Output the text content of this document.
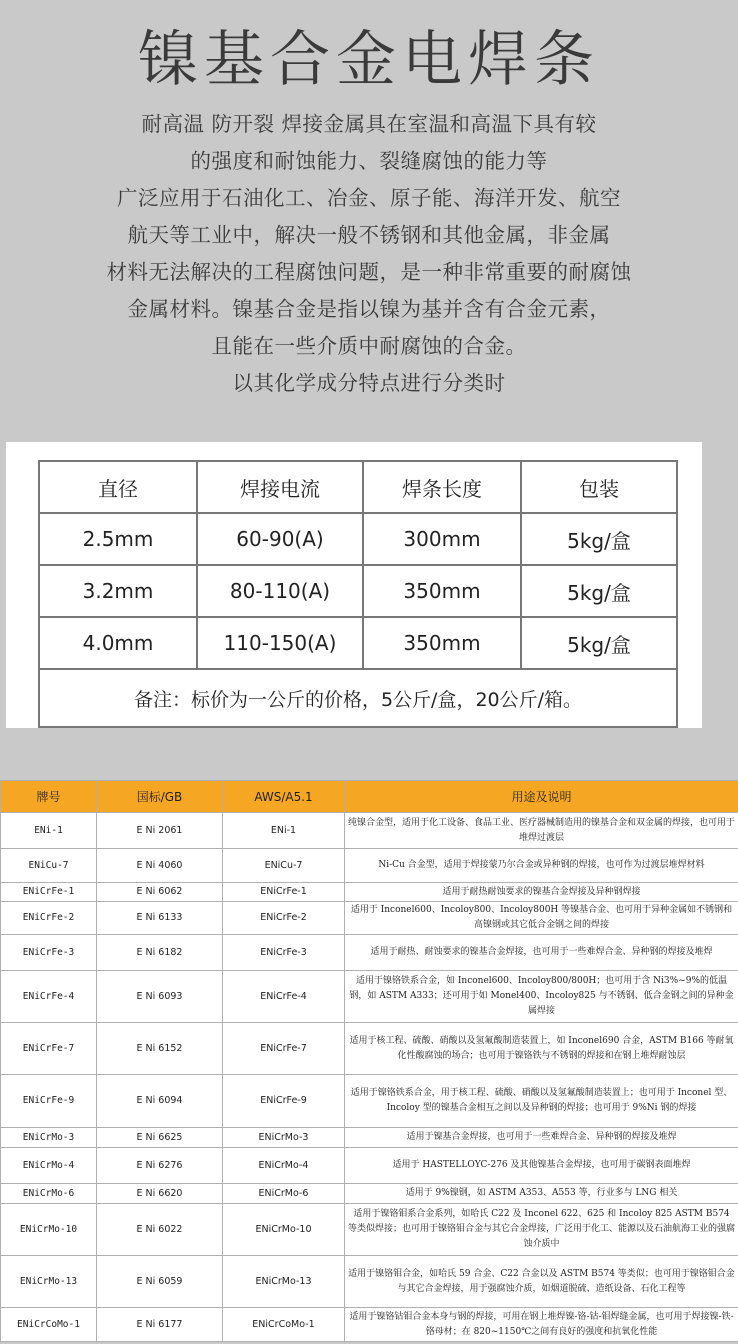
镍基合金电焊条
耐高温 防开裂 焊接金属具在室温和高温下具有较
的强度和耐蚀能力、裂缝腐蚀的能力等
广泛应用于石油化工、冶金、原子能、海洋开发、航空
航天等工业中，解决一般不锈钢和其他金属，非金属
材料无法解决的工程腐蚀问题，是一种非常重要的耐腐蚀
金属材料。镍基合金是指以镍为基并含有合金元素，
且能在一些介质中耐腐蚀的合金。
以其化学成分特点进行分类时
直径	焊接电流	焊条长度	包装
2.5mm	60-90(A)	300mm	5kg/盒
3.2mm	80-110(A)	350mm	5kg/盒
4.0mm	110-150(A)	350mm	5kg/盒
备注：标价为一公斤的价格，5公斤/盒，20公斤/箱。			
牌号	国标/GB	AWS/A5.1	用途及说明
ENi-1	E Ni 2061	ENi-1	纯镍合金型，适用于化工设备、食品工业、医疗器械制造用的镍基合金和双金属的焊接，也可用于堆焊过渡层
ENiCu-7	E Ni 4060	ENiCu-7	Ni-Cu 合金型，适用于焊接蒙乃尔合金或异种钢的焊接，也可作为过渡层堆焊材料
ENiCrFe-1	E Ni 6062	ENiCrFe-1	适用于耐热耐蚀要求的镍基合金焊接及异种钢焊接
ENiCrFe-2	E Ni 6133	ENiCrFe-2	适用于 Inconel600、Incoloy800、Incoloy800H 等镍基合金、也可用于异种金属如不锈钢和高镍钢或其它低合金钢之间的焊接
ENiCrFe-3	E Ni 6182	ENiCrFe-3	适用于耐热、耐蚀要求的镍基合金焊接，也可用于一些难焊合金、异种钢的焊接及堆焊
ENiCrFe-4	E Ni 6093	ENiCrFe-4	适用于镍铬铁系合金，如 Inconel600、Incoloy800/800H；也可用于含 Ni3%~9%的低温钢，如 ASTM A333；还可用于如 Monel400、Incoloy825 与不锈钢、低合金钢之间的异种金属焊接
ENiCrFe-7	E Ni 6152	ENiCrFe-7	适用于核工程、硫酸、硝酸以及氢氟酸制造装置上，如 Inconel690 合金，ASTM B166 等耐氧化性酸腐蚀的场合；也可用于镍铬铁与不锈钢的焊接和在钢上堆焊耐蚀层
ENiCrFe-9	E Ni 6094	ENiCrFe-9	适用于镍铬铁系合金，用于核工程、硫酸、硝酸以及氢氟酸制造装置上；也可用于 Inconel 型、Incoloy 型的镍基合金相互之间以及异种钢的焊接；也可用于 9%Ni 钢的焊接
ENiCrMo-3	E Ni 6625	ENiCrMo-3	适用于镍基合金焊接，也可用于一些难焊合金、异种钢的焊接及堆焊
ENiCrMo-4	E Ni 6276	ENiCrMo-4	适用于 HASTELLOYC-276 及其他镍基合金焊接，也可用于碳钢表面堆焊
ENiCrMo-6	E Ni 6620	ENiCrMo-6	适用于 9%镍钢，如 ASTM A353、A553 等，行业多与 LNG 相关
ENiCrMo-10	E Ni 6022	ENiCrMo-10	适用于镍铬钼系合金系列，如哈氏 C22 及 Inconel 622、625 和 Incoloy 825 ASTM B574 等类似焊接；也可用于镍铬钼合金与其它合金焊接，广泛用于化工、能源以及石油航海工业的强腐蚀介质中
ENiCrMo-13	E Ni 6059	ENiCrMo-13	适用于镍铬钼合金，如哈氏 59 合金、C22 合金以及 ASTM B574 等类似；也可用于镍铬钼合金与其它合金焊接，用于强腐蚀介质，如烟道脱硫、造纸设备、石化工程等
ENiCrCoMo-1	E Ni 6177	ENiCrCoMo-1	适用于镍铬钴钼合金本身与钢的焊接，可用在钢上堆焊镍-铬-钴-钼焊缝金属，也可用于焊接镍-铁-铬母材；在 820~1150℃之间有良好的强度和抗氧化性能
